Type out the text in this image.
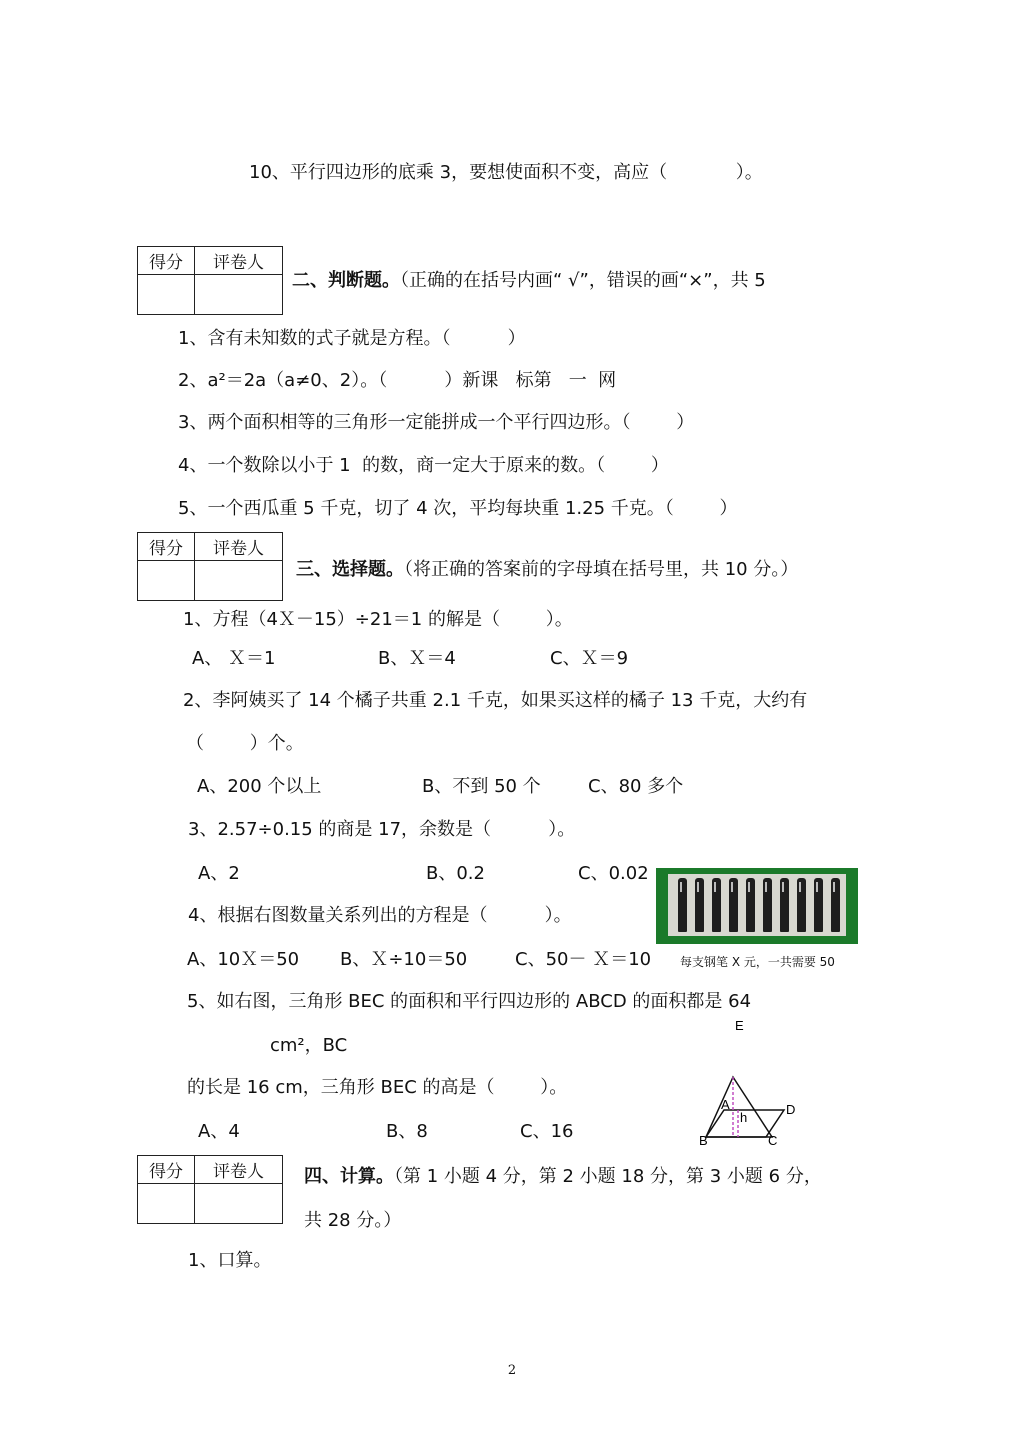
10、平行四边形的底乘 3，要想使面积不变，高应（            ）。
得分	评卷人

二、判断题。（正确的在括号内画“ √”，错误的画“×”，共 5
1、含有未知数的式子就是方程。（          ）
2、a²＝2a（a≠0、2）。（          ）新课   标第   一  网
3、两个面积相等的三角形一定能拼成一个平行四边形。（        ）
4、一个数除以小于 1  的数，商一定大于原来的数。（        ）
5、一个西瓜重 5 千克，切了 4 次，平均每块重 1.25 千克。（        ）
得分	评卷人

三、选择题。（将正确的答案前的字母填在括号里，共 10 分。）
1、方程（4Ｘ－15）÷21＝1 的解是（        ）。
A、 Ｘ＝1	B、Ｘ＝4	C、Ｘ＝9
2、李阿姨买了 14 个橘子共重 2.1 千克，如果买这样的橘子 13 千克，大约有
（        ）个。
A、200 个以上	B、不到 50 个	C、80 多个
3、2.57÷0.15 的商是 17，余数是（          ）。
A、2	B、0.2	C、0.02
4、根据右图数量关系列出的方程是（          ）。
A、10Ｘ＝50 B、Ｘ÷10＝50	C、50－ Ｘ＝10 每支钢笔 X 元，一共需要 50
5、如右图，三角形 BEC 的面积和平行四边形的 ABCD 的面积都是 64
cm²，BC
的长是 16 cm，三角形 BEC 的高是（        ）。
A、4	B、8	C、16
E
A
h
D
B	C
得分	评卷人
	四、计算。（第 1 小题 4 分，第 2 小题 18 分，第 3 小题 6 分，
共 28 分。）
1、口算。
2
